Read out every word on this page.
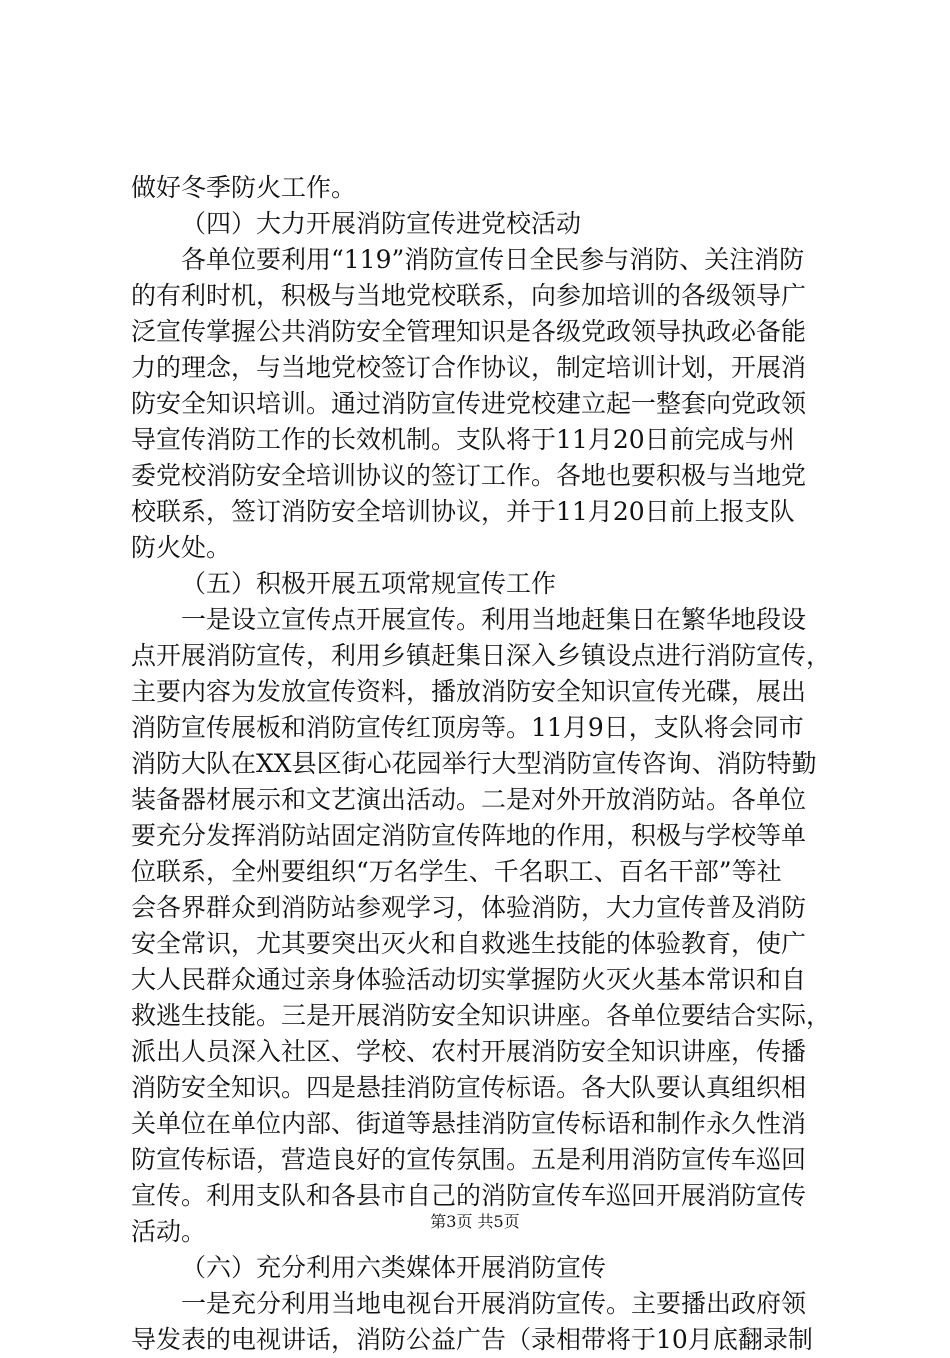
做好冬季防火工作。
（四）大力开展消防宣传进党校活动
各单位要利用“119”消防宣传日全民参与消防、关注消防
的有利时机，积极与当地党校联系，向参加培训的各级领导广
泛宣传掌握公共消防安全管理知识是各级党政领导执政必备能
力的理念，与当地党校签订合作协议，制定培训计划，开展消
防安全知识培训。通过消防宣传进党校建立起一整套向党政领
导宣传消防工作的长效机制。支队将于11月20日前完成与州
委党校消防安全培训协议的签订工作。各地也要积极与当地党
校联系，签订消防安全培训协议，并于11月20日前上报支队
防火处。
（五）积极开展五项常规宣传工作
一是设立宣传点开展宣传。利用当地赶集日在繁华地段设
点开展消防宣传，利用乡镇赶集日深入乡镇设点进行消防宣传，
主要内容为发放宣传资料，播放消防安全知识宣传光碟，展出
消防宣传展板和消防宣传红顶房等。11月9日，支队将会同市
消防大队在XX县区街心花园举行大型消防宣传咨询、消防特勤
装备器材展示和文艺演出活动。二是对外开放消防站。各单位
要充分发挥消防站固定消防宣传阵地的作用，积极与学校等单
位联系，全州要组织“万名学生、千名职工、百名干部”等社
会各界群众到消防站参观学习，体验消防，大力宣传普及消防
安全常识，尤其要突出灭火和自救逃生技能的体验教育，使广
大人民群众通过亲身体验活动切实掌握防火灭火基本常识和自
救逃生技能。三是开展消防安全知识讲座。各单位要结合实际，
派出人员深入社区、学校、农村开展消防安全知识讲座，传播
消防安全知识。四是悬挂消防宣传标语。各大队要认真组织相
关单位在单位内部、街道等悬挂消防宣传标语和制作永久性消
防宣传标语，营造良好的宣传氛围。五是利用消防宣传车巡回
宣传。利用支队和各县市自己的消防宣传车巡回开展消防宣传
活动。
（六）充分利用六类媒体开展消防宣传
一是充分利用当地电视台开展消防宣传。主要播出政府领
导发表的电视讲话，消防公益广告（录相带将于10月底翻录制
第3页 共5页
